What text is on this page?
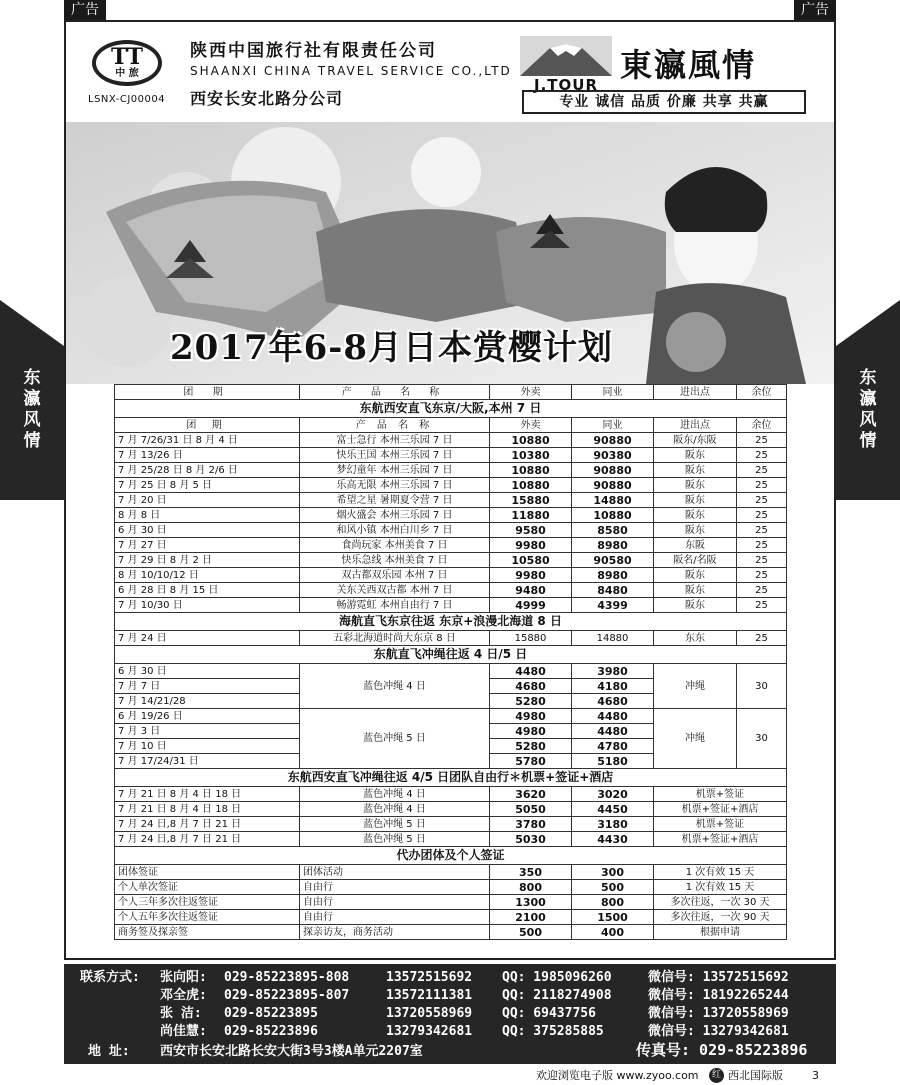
广告	广告
TT
中 旅
LSNX-CJ00004
陕西中国旅行社有限责任公司
SHAANXI CHINA TRAVEL SERVICE CO.,LTD
西安长安北路分公司
J.TOUR
東瀛風情
专业 诚信 品质 价廉 共享 共赢
2017年6-8月日本赏樱计划
东瀛风情
东瀛风情
团 期	产 品 名 称	外卖	同业	进出点	余位
东航西安直飞东京/大阪,本州 7 日					
团 期	产 品 名 称	外卖	同业	进出点	余位
7 月 7/26/31 日 8 月 4 日	富士急行 本州三乐园 7 日	10880	90880	阪东/东阪	25
7 月 13/26 日	快乐王国 本州三乐园 7 日	10380	90380	阪东	25
7 月 25/28 日 8 月 2/6 日	梦幻童年 本州三乐园 7 日	10880	90880	阪东	25
7 月 25 日 8 月 5 日	乐高无限 本州三乐园 7 日	10880	90880	阪东	25
7 月 20 日	希望之星 暑期夏令营 7 日	15880	14880	阪东	25
8 月 8 日	烟火盛会 本州三乐园 7 日	11880	10880	阪东	25
6 月 30 日	和风小镇 本州白川乡 7 日	9580	8580	阪东	25
7 月 27 日	食尚玩家 本州美食 7 日	9980	8980	东阪	25
7 月 29 日 8 月 2 日	快乐急线 本州美食 7 日	10580	90580	阪名/名阪	25
8 月 10/10/12 日	双古都双乐园 本州 7 日	9980	8980	阪东	25
6 月 28 日 8 月 15 日	关东关西双古都 本州 7 日	9480	8480	阪东	25
7 月 10/30 日	畅游霓虹 本州自由行 7 日	4999	4399	阪东	25
海航直飞东京往返 东京+浪漫北海道 8 日					
7 月 24 日	五彩北海道时尚大东京 8 日	15880	14880	东东	25
东航直飞冲绳往返 4 日/5 日					
6 月 30 日	蓝色冲绳 4 日	4480	3980	冲绳	30
7 月 7 日		4680	4180		
7 月 14/21/28		5280	4680		
6 月 19/26 日	蓝色冲绳 5 日	4980	4480	冲绳	30
7 月 3 日		4980	4480		
7 月 10 日		5280	4780		
7 月 17/24/31 日		5780	5180		
东航西安直飞冲绳往返 4/5 日团队自由行＊机票+签证+酒店					
7 月 21 日 8 月 4 日 18 日	蓝色冲绳 4 日	3620	3020	机票+签证	
7 月 21 日 8 月 4 日 18 日	蓝色冲绳 4 日	5050	4450	机票+签证+酒店	
7 月 24 日,8 月 7 日 21 日	蓝色冲绳 5 日	3780	3180	机票+签证	
7 月 24 日,8 月 7 日 21 日	蓝色冲绳 5 日	5030	4430	机票+签证+酒店	
代办团体及个人签证					
团体签证	团体活动	350	300	1 次有效 15 天	
个人单次签证	自由行	800	500	1 次有效 15 天	
个人三年多次往返签证	自由行	1300	800	多次往返，一次 30 天	
个人五年多次往返签证	自由行	2100	1500	多次往返，一次 90 天	
商务签及探亲签	探亲访友，商务活动	500	400	根据申请	
联系方式: 张向阳: 029-85223895-808	13572515692 QQ: 1985096260	微信号: 13572515692
邓全虎: 029-85223895-807	13572111381 QQ: 2118274908	微信号: 18192265244
张 洁: 029-85223895	13720558969 QQ: 69437756	微信号: 13720558969
尚佳慧: 029-85223896	13279342681 QQ: 375285885	微信号: 13279342681
地 址: 西安市长安北路长安大街3号3楼A单元2207室	传真号: 029-85223896
欢迎浏览电子版 www.zyoo.com	红 西北国际版	3
